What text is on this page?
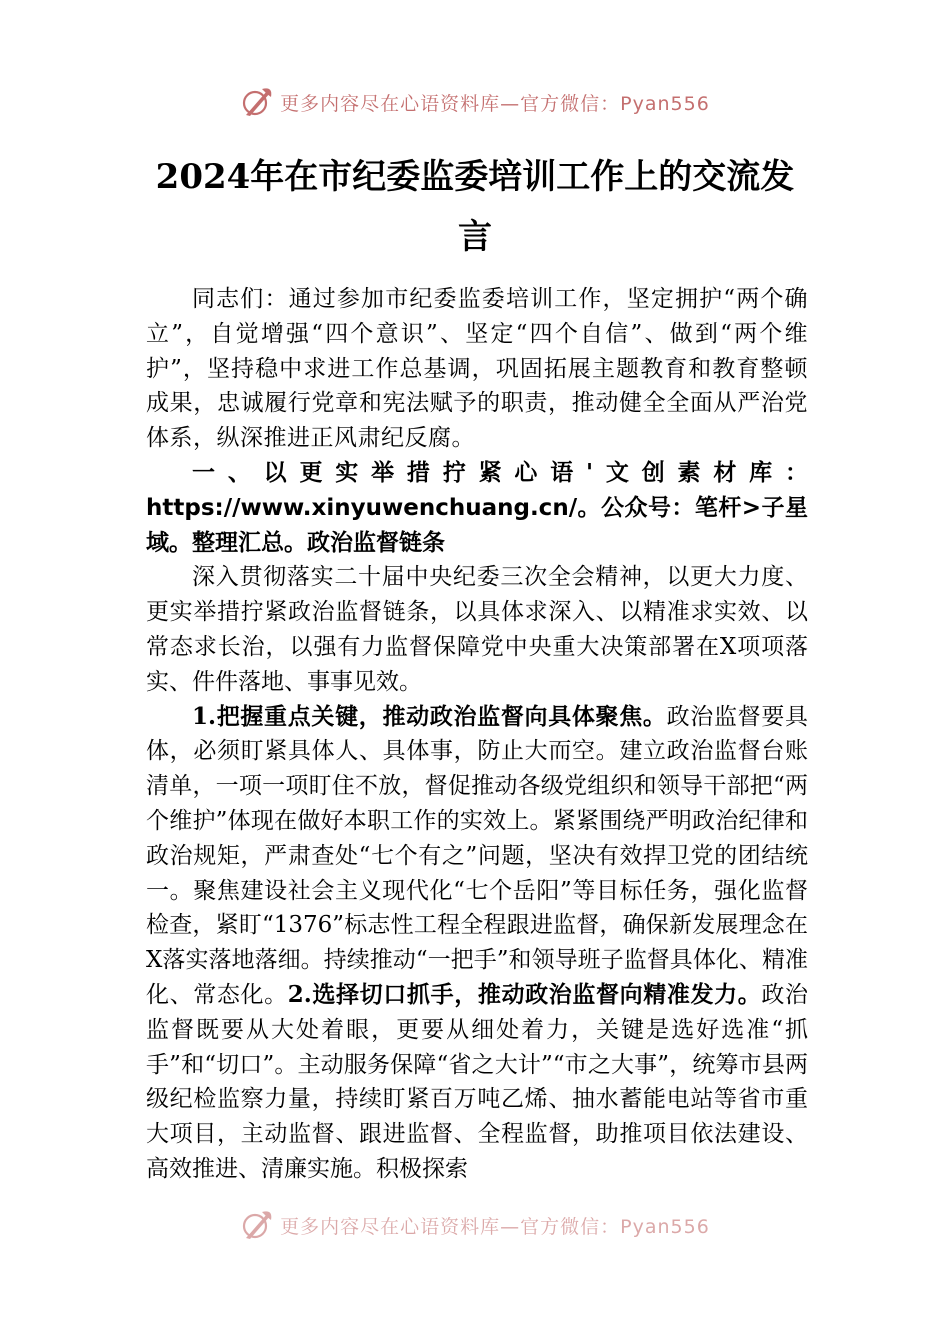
更多内容尽在心语资料库—官方微信：Pyan556
2024年在市纪委监委培训工作上的交流发
言

同志们：通过参加市纪委监委培训工作，坚定拥护“两个确立”，自觉增强“四个意识”、坚定“四个自信”、做到“两个维护”，坚持稳中求进工作总基调，巩固拓展主题教育和教育整顿成果，忠诚履行党章和宪法赋予的职责，推动健全全面从严治党体系，纵深推进正风肃纪反腐。

一、以更实举措拧紧心语'文创素材库：https://www.xinyuwenchuang.cn/。公众号：笔杆>子星域。整理汇总。政治监督链条

深入贯彻落实二十届中央纪委三次全会精神，以更大力度、更实举措拧紧政治监督链条，以具体求深入、以精准求实效、以常态求长治，以强有力监督保障党中央重大决策部署在X项项落实、件件落地、事事见效。

1.把握重点关键，推动政治监督向具体聚焦。政治监督要具体，必须盯紧具体人、具体事，防止大而空。建立政治监督台账清单，一项一项盯住不放，督促推动各级党组织和领导干部把“两个维护”体现在做好本职工作的实效上。紧紧围绕严明政治纪律和政治规矩，严肃查处“七个有之”问题，坚决有效捍卫党的团结统一。聚焦建设社会主义现代化“七个岳阳”等目标任务，强化监督检查，紧盯“1376”标志性工程全程跟进监督，确保新发展理念在X落实落地落细。持续推动“一把手”和领导班子监督具体化、精准化、常态化。2.选择切口抓手，推动政治监督向精准发力。政治监督既要从大处着眼，更要从细处着力，关键是选好选准“抓手”和“切口”。主动服务保障“省之大计”“市之大事”，统筹市县两级纪检监察力量，持续盯紧百万吨乙烯、抽水蓄能电站等省市重大项目，主动监督、跟进监督、全程监督，助推项目依法建设、高效推进、清廉实施。积极探索

更多内容尽在心语资料库—官方微信：Pyan556
